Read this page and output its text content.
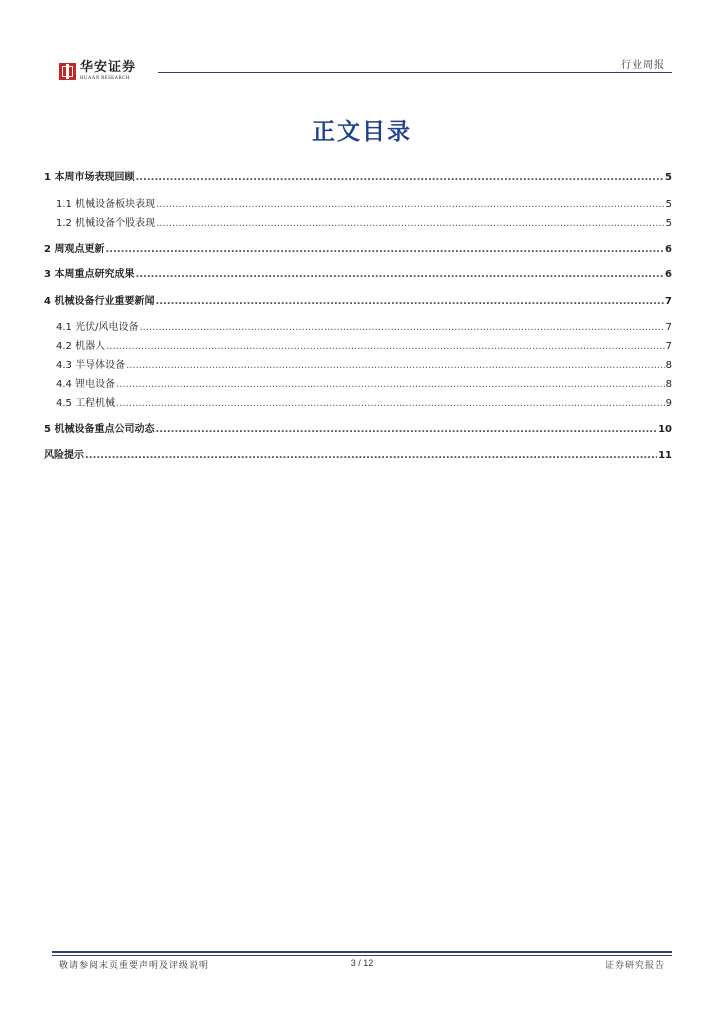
华安证券
HUAAN RESEARCH
行业周报
正文目录
1 本周市场表现回顾 .....	5
1.1 机械设备板块表现 .....	5
1.2 机械设备个股表现 .....	5
2 周观点更新 .....	6
3 本周重点研究成果 .....	6
4 机械设备行业重要新闻 .....	7
4.1 光伏/风电设备 .....	7
4.2 机器人 .....	7
4.3 半导体设备 .....	8
4.4 锂电设备 .....	8
4.5 工程机械 .....	9
5 机械设备重点公司动态 .....	10
风险提示 .....	11
敬请参阅末页重要声明及评级说明	3 / 12	证券研究报告
